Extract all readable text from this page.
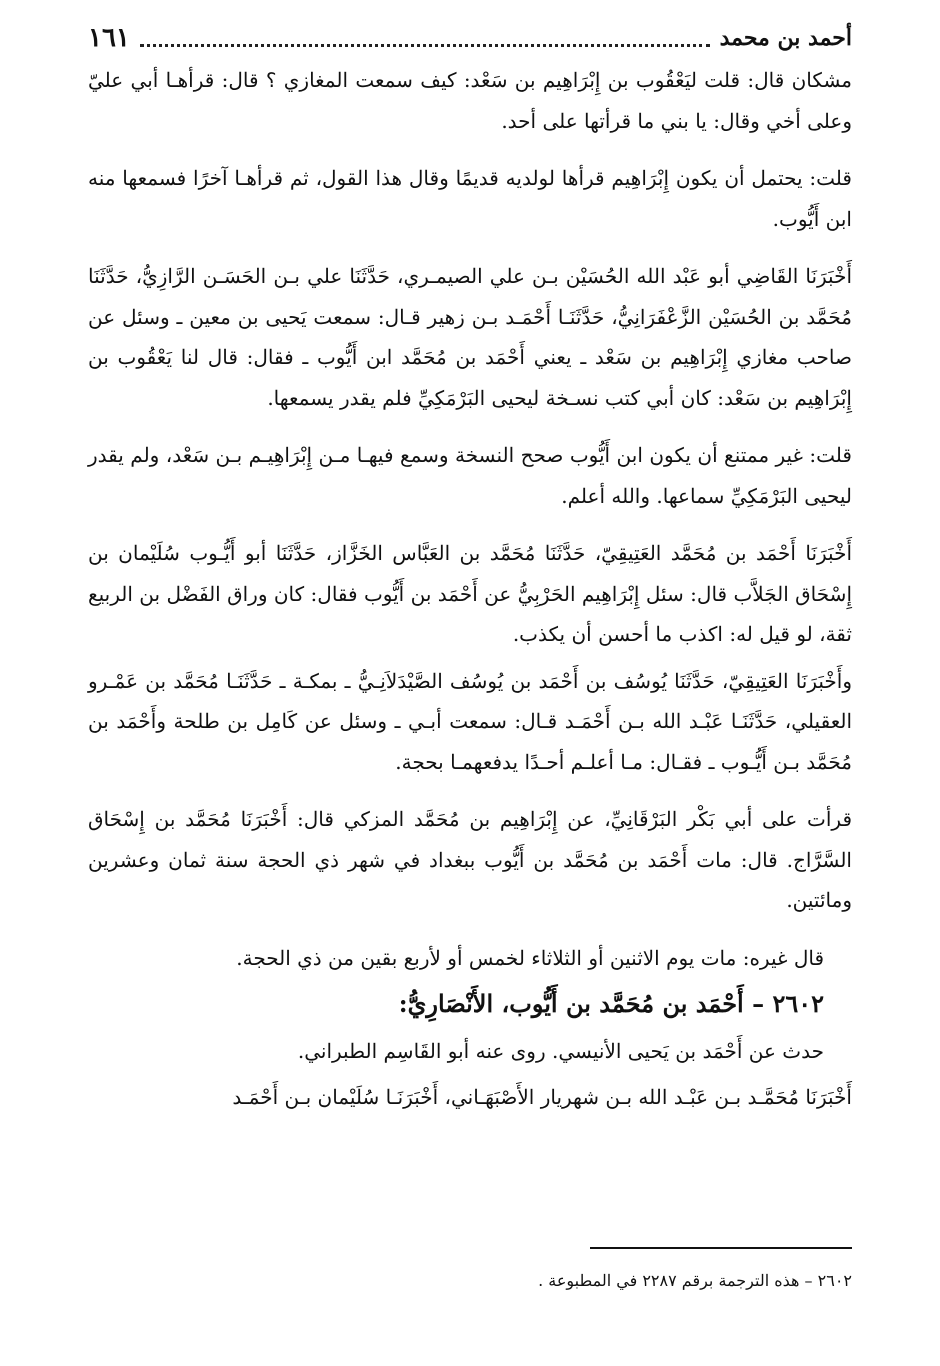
أحمد بن محمد
١٦١

مشكان قال: قلت ليَعْقُوب بن إِبْرَاهِيم بن سَعْد: كيف سمعت المغازي ؟ قال: قرأهـا أبي عليّ وعلى أخي وقال: يا بني ما قرأتها على أحد.

قلت: يحتمل أن يكون إِبْرَاهِيم قرأها لولديه قديمًا وقال هذا القول، ثم قرأهـا آخرًا فسمعها منه ابن أَيُّوب.

أَخْبَرَنَا القَاضِي أبو عَبْد الله الحُسَيْن بـن علي الصيمـري، حَدَّثَنَا علي بـن الحَسَـن الرَّازِيُّ، حَدَّثَنَا مُحَمَّد بن الحُسَيْن الزَّعْفَرَانِيُّ، حَدَّثَنَـا أَحْمَـد بـن زهير قـال: سمعت يَحيى بن معين ـ وسئل عن صاحب مغازي إِبْرَاهِيم بن سَعْد ـ يعني أَحْمَد بن مُحَمَّد ابن أَيُّوب ـ فقال: قال لنا يَعْقُوب بن إِبْرَاهِيم بن سَعْد: كان أبي كتب نسـخة ليحيى البَرْمَكِيِّ فلم يقدر يسمعها.

قلت: غير ممتنع أن يكون ابن أَيُّوب صحح النسخة وسمع فيهـا مـن إِبْرَاهِيـم بـن سَعْد، ولم يقدر ليحيى البَرْمَكِيِّ سماعها. والله أعلم.

أَخْبَرَنَا أَحْمَد بن مُحَمَّد العَتِيقِيّ، حَدَّثَنَا مُحَمَّد بن العَبَّاس الخَزَّاز، حَدَّثَنَا أبو أَيُّـوب سُلَيْمان بن إِسْحَاق الجَلاَّب قال: سئل إِبْرَاهِيم الحَرْبِيُّ عن أَحْمَد بن أَيُّوب فقال: كان وراق الفَضْل بن الربيع ثقة، لو قيل له: اكذب ما أحسن أن يكذب.

وأَخْبَرَنَا العَتِيقِيّ، حَدَّثَنَا يُوسُف بن أَحْمَد بن يُوسُف الصَّيْدَلاَنِـيُّ ـ بمكـة ـ حَدَّثَنَـا مُحَمَّد بن عَمْـرو العقيلي، حَدَّثَنَـا عَبْـد الله بـن أَحْمَـد قـال: سمعت أبـي ـ وسئل عن كَامِل بن طلحة وأَحْمَد بن مُحَمَّد بـن أَيُّـوب ـ فقـال: مـا أعلـم أحـدًا يدفعهمـا بحجة.

قرأت على أبي بَكْر البَرْقَانِيِّ، عن إِبْرَاهِيم بن مُحَمَّد المزكي قال: أَخْبَرَنَا مُحَمَّد بن إِسْحَاق السَّرَّاج. قال: مات أَحْمَد بن مُحَمَّد بن أَيُّوب ببغداد في شهر ذي الحجة سنة ثمان وعشرين ومائتين.

قال غيره: مات يوم الاثنين أو الثلاثاء لخمس أو لأربع بقين من ذي الحجة.

٢٦٠٢ – أَحْمَد بن مُحَمَّد بن أَيُّوب، الأَنْصَارِيُّ:

حدث عن أَحْمَد بن يَحيى الأنيسي. روى عنه أبو القَاسِم الطبراني.

أَخْبَرَنَا مُحَمَّـد بـن عَبْـد الله بـن شهريار الأَصْبَهَـاني، أَخْبَرَنَـا سُلَيْمان بـن أَحْمَـد

٢٦٠٢ – هذه الترجمة برقم ٢٢٨٧ في المطبوعة .
